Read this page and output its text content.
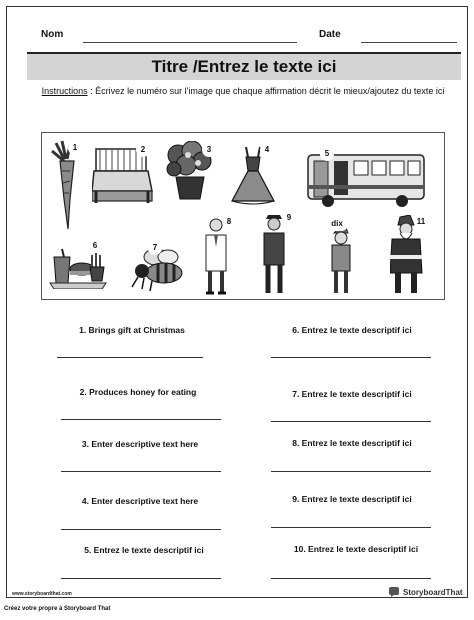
Nom	Date
Titre /Entrez le texte ici
Instructions : Écrivez le numéro sur l'image que chaque affirmation décrit le mieux/ajoutez du texte ici
1	2	3	4	5
6	7
8	9
dix	11
1. Brings gift at Christmas
2. Produces honey for eating
3. Enter descriptive text here
4. Enter descriptive text here
5. Entrez le texte descriptif ici
6. Entrez le texte descriptif ici
7. Entrez le texte descriptif ici
8. Entrez le texte descriptif ici
9. Entrez le texte descriptif ici
10. Entrez le texte descriptif ici
www.storyboardthat.com	StoryboardThat
Créez votre propre à Storyboard That
